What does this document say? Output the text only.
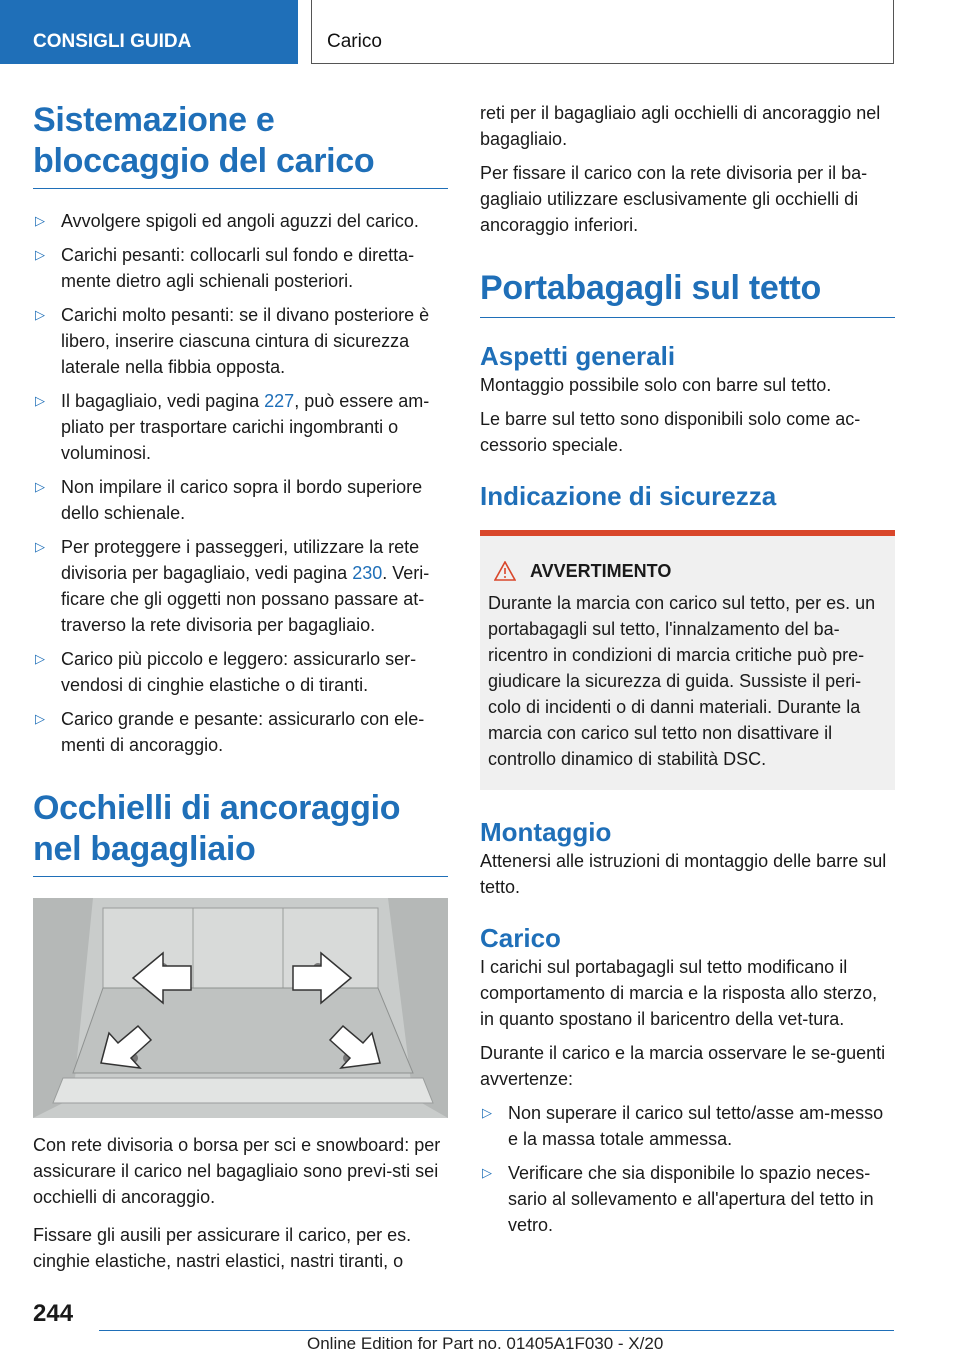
CONSIGLI GUIDA	Carico
Sistemazione e bloccaggio del carico
▷ Avvolgere spigoli ed angoli aguzzi del carico.
▷ Carichi pesanti: collocarli sul fondo e diretta‐mente dietro agli schienali posteriori.
▷ Carichi molto pesanti: se il divano posteriore è libero, inserire ciascuna cintura di sicurezza laterale nella fibbia opposta.
▷ Il bagagliaio, vedi pagina 227, può essere am‐pliato per trasportare carichi ingombranti o voluminosi.
▷ Non impilare il carico sopra il bordo superiore dello schienale.
▷ Per proteggere i passeggeri, utilizzare la rete divisoria per bagagliaio, vedi pagina 230. Veri‐ficare che gli oggetti non possano passare at‐traverso la rete divisoria per bagagliaio.
▷ Carico più piccolo e leggero: assicurarlo ser‐vendosi di cinghie elastiche o di tiranti.
▷ Carico grande e pesante: assicurarlo con ele‐menti di ancoraggio.
Occhielli di ancoraggio nel bagagliaio

Con rete divisoria o borsa per sci e snowboard: per assicurare il carico nel bagagliaio sono previ‐sti sei occhielli di ancoraggio.

Fissare gli ausili per assicurare il carico, per es. cinghie elastiche, nastri elastici, nastri tiranti, o

reti per il bagagliaio agli occhielli di ancoraggio nel bagagliaio.

Per fissare il carico con la rete divisoria per il ba‐gagliaio utilizzare esclusivamente gli occhielli di ancoraggio inferiori.

Portabagagli sul tetto
Aspetti generali

Montaggio possibile solo con barre sul tetto.

Le barre sul tetto sono disponibili solo come ac‐cessorio speciale.

Indicazione di sicurezza
AVVERTIMENTO

Durante la marcia con carico sul tetto, per es. un portabagagli sul tetto, l'innalzamento del ba‐ricentro in condizioni di marcia critiche può pre‐giudicare la sicurezza di guida. Sussiste il peri‐colo di incidenti o di danni materiali. Durante la marcia con carico sul tetto non disattivare il controllo dinamico di stabilità DSC.

Montaggio

Attenersi alle istruzioni di montaggio delle barre sul tetto.

Carico

I carichi sul portabagagli sul tetto modificano il comportamento di marcia e la risposta allo sterzo, in quanto spostano il baricentro della vet‐tura.

Durante il carico e la marcia osservare le se‐guenti avvertenze:

▷ Non superare il carico sul tetto/asse am‐messo e la massa totale ammessa.
▷ Verificare che sia disponibile lo spazio neces‐sario al sollevamento e all'apertura del tetto in vetro.
244
Online Edition for Part no. 01405A1F030 - X/20
